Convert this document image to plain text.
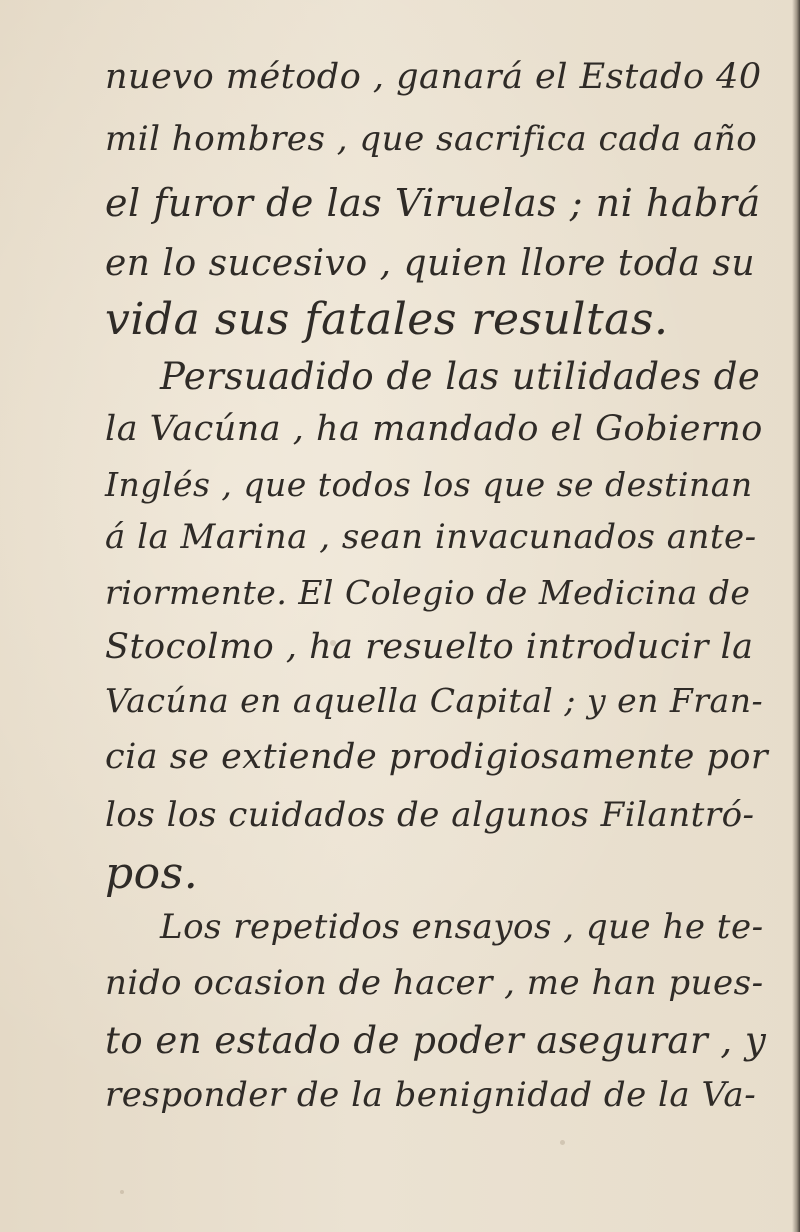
nuevo método , ganará el Estado 40
mil hombres , que sacrifica cada año
el furor de las Viruelas ; ni habrá
en lo sucesivo , quien llore toda su
vida sus fatales resultas.
Persuadido de las utilidades de
la Vacúna , ha mandado el Gobierno
Inglés , que todos los que se destinan
á la Marina , sean invacunados ante-
riormente. El Colegio de Medicina de
Stocolmo , ha resuelto introducir la
Vacúna en aquella Capital ; y en Fran-
cia se extiende prodigiosamente por
los los cuidados de algunos Filantró-
pos.
Los repetidos ensayos , que he te-
nido ocasion de hacer , me han pues-
to en estado de poder asegurar , y
responder de la benignidad de la Va-
